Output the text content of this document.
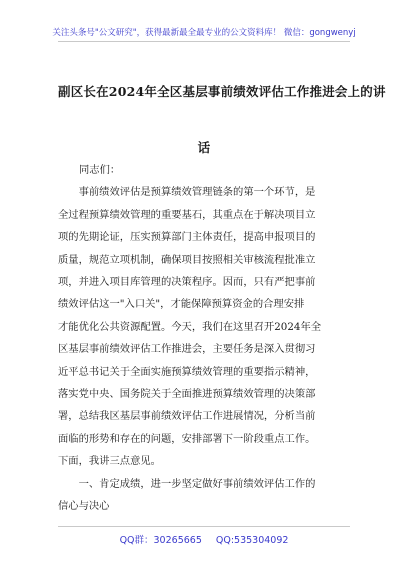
关注头条号"公文研究"，获得最新最全最专业的公文资料库！ 微信：gongwenyj
副区长在2024年全区基层事前绩效评估工作推进会上的讲
话
同志们：
　　事前绩效评估是预算绩效管理链条的第一个环节，是
全过程预算绩效管理的重要基石，其重点在于解决项目立
项的先期论证，压实预算部门主体责任，提高申报项目的
质量，规范立项机制，确保项目按照相关审核流程批准立
项，并进入项目库管理的决策程序。因而，只有严把事前
绩效评估这一"入口关"，才能保障预算资金的合理安排
才能优化公共资源配置。今天，我们在这里召开2024年全
区基层事前绩效评估工作推进会，主要任务是深入贯彻习
近平总书记关于全面实施预算绩效管理的重要指示精神，
落实党中央、国务院关于全面推进预算绩效管理的决策部
署，总结我区基层事前绩效评估工作进展情况，分析当前
面临的形势和存在的问题，安排部署下一阶段重点工作。
下面，我讲三点意见。
　　一、肯定成绩，进一步坚定做好事前绩效评估工作的
信心与决心
QQ群：30265665 QQ:535304092
